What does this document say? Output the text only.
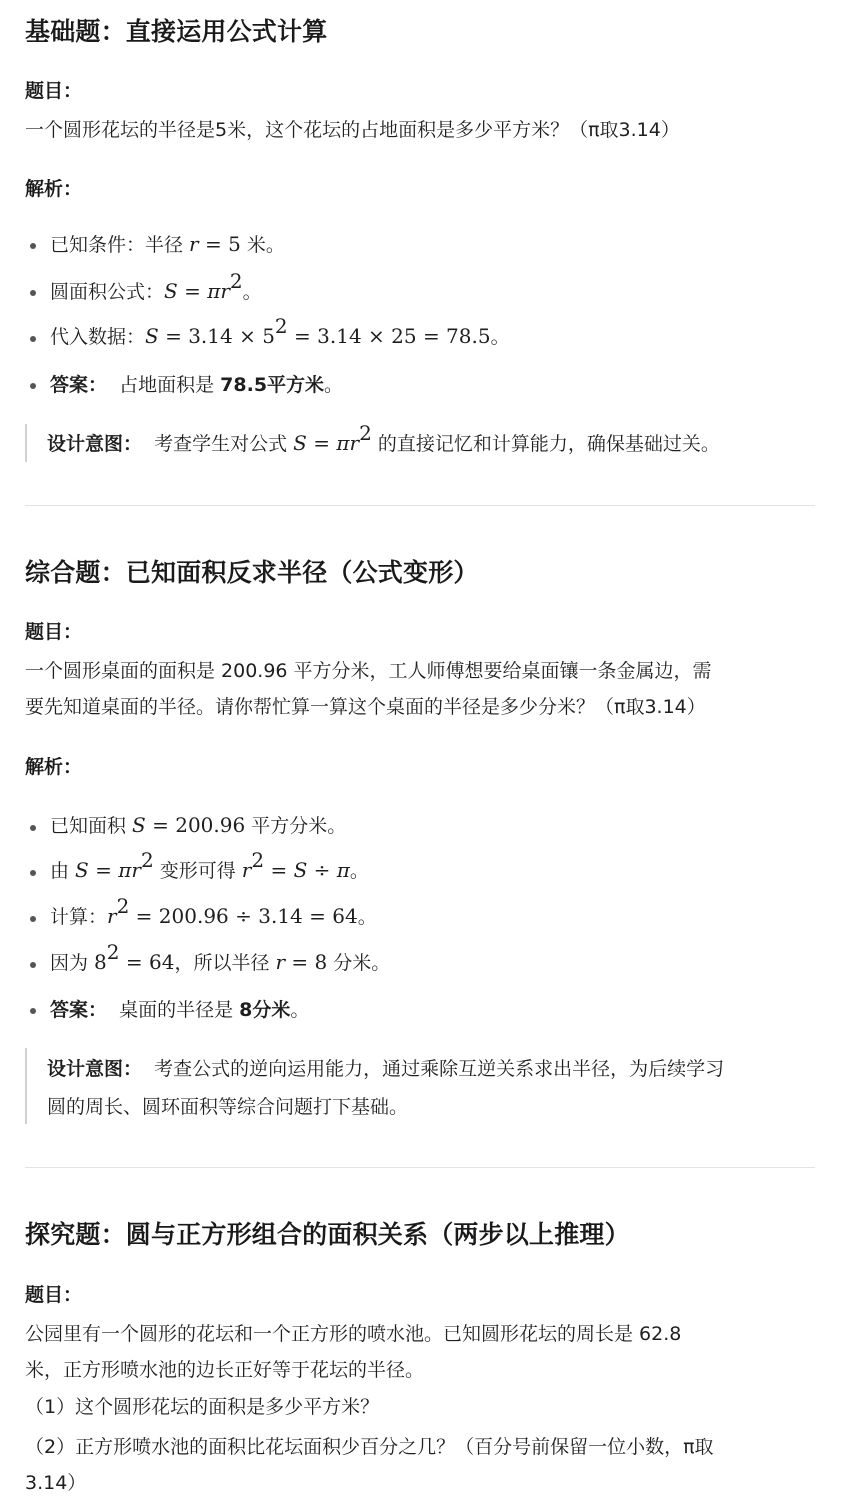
基础题：直接运用公式计算
题目：
一个圆形花坛的半径是5米，这个花坛的占地面积是多少平方米？（π取3.14）
解析：
已知条件：半径 r = 5 米。
圆面积公式：$S = \pi r^2$。
代入数据：$S = 3.14 \times 5^2 = 3.14 \times 25 = 78.5$。
答案： 占地面积是 78.5平方米。
设计意图： 考查学生对公式 $S = \pi r^2$ 的直接记忆和计算能力，确保基础过关。
综合题：已知面积反求半径（公式变形）
题目：
一个圆形桌面的面积是 200.96 平方分米，工人师傅想要给桌面镶一条金属边，需
要先知道桌面的半径。请你帮忙算一算这个桌面的半径是多少分米？（π取3.14）
解析：
已知面积 S = 200.96 平方分米。
由 $S = \pi r^2$ 变形可得 $r^2 = S \div \pi$。
计算：$r^2 = 200.96 \div 3.14 = 64$。
因为 $8^2 = 64$，所以半径 r = 8 分米。
答案： 桌面的半径是 8分米。
设计意图： 考查公式的逆向运用能力，通过乘除互逆关系求出半径，为后续学习
圆的周长、圆环面积等综合问题打下基础。
探究题：圆与正方形组合的面积关系（两步以上推理）
题目：
公园里有一个圆形的花坛和一个正方形的喷水池。已知圆形花坛的周长是 62.8
米，正方形喷水池的边长正好等于花坛的半径。
（1）这个圆形花坛的面积是多少平方米？
（2）正方形喷水池的面积比花坛面积少百分之几？（百分号前保留一位小数，π取
3.14）
